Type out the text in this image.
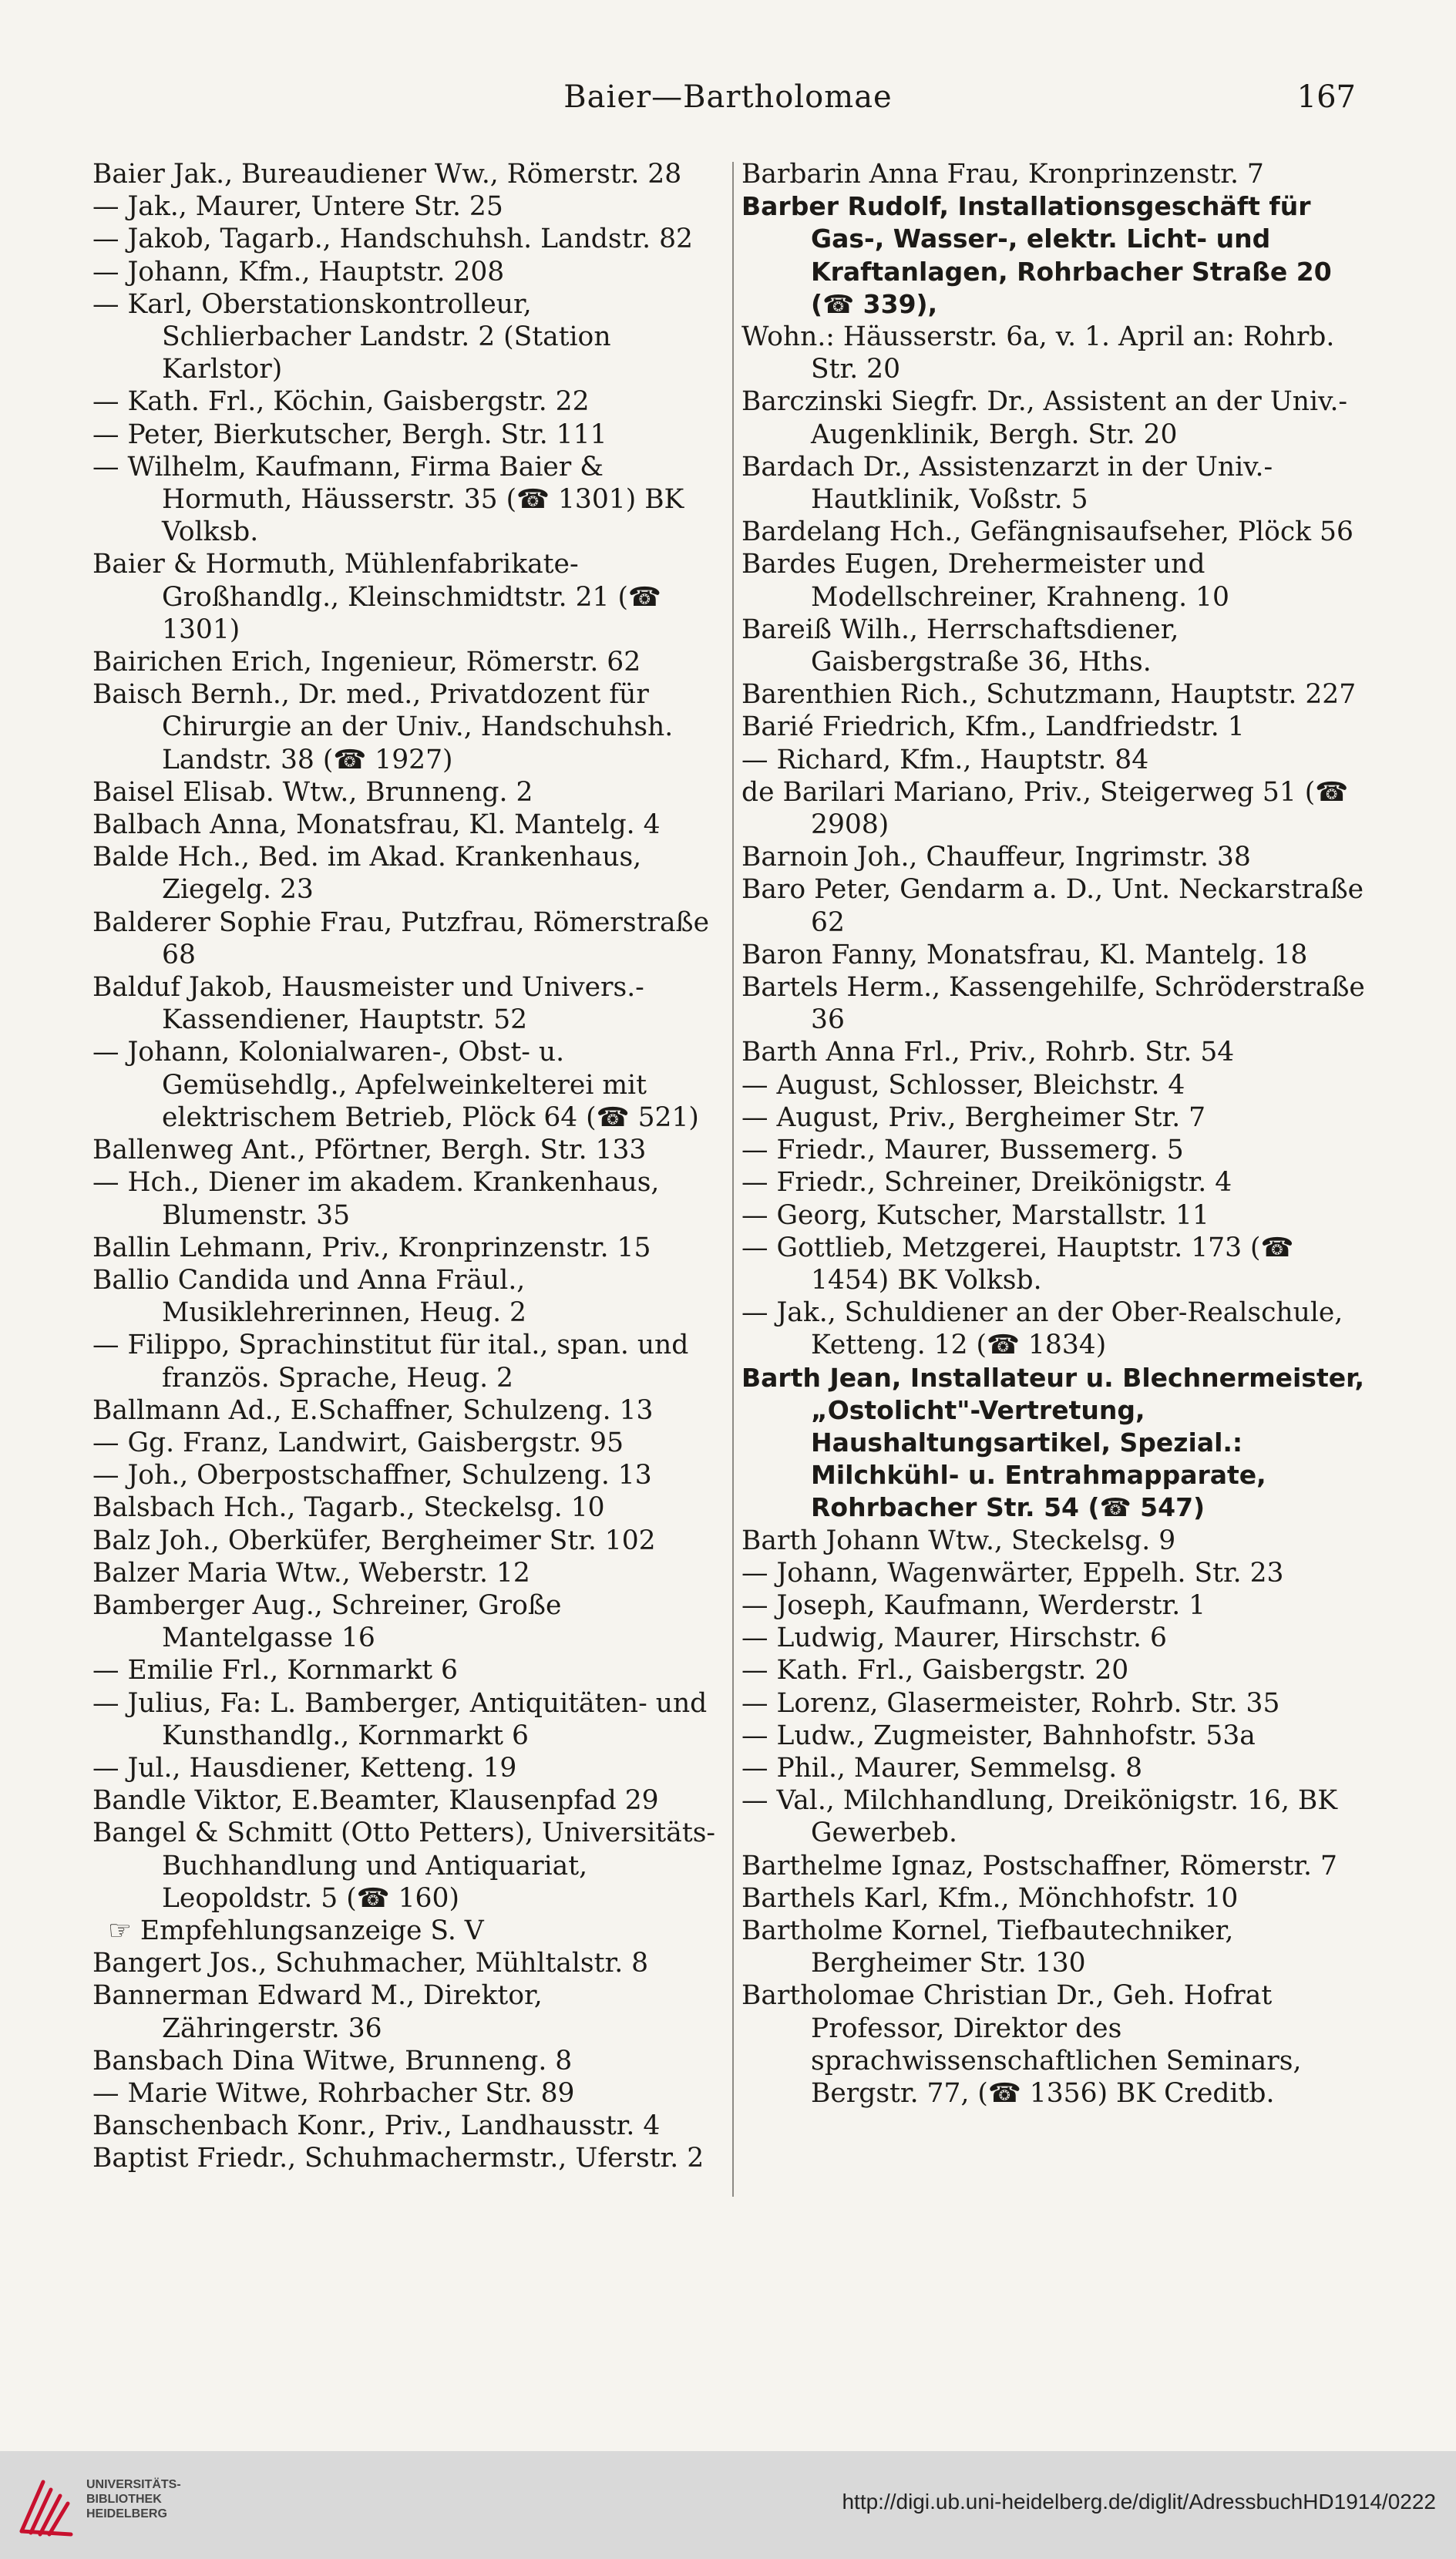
Baier—Bartholomae	167
Baier Jak., Bureaudiener Ww., Römerstr. 28
— Jak., Maurer, Untere Str. 25
— Jakob, Tagarb., Handschuhsh. Landstr. 82
— Johann, Kfm., Hauptstr. 208
— Karl, Oberstationskontrolleur, Schlierbacher Landstr. 2 (Station Karlstor)
— Kath. Frl., Köchin, Gaisbergstr. 22
— Peter, Bierkutscher, Bergh. Str. 111
— Wilhelm, Kaufmann, Firma Baier & Hormuth, Häusserstr. 35 (☎ 1301) BK Volksb.
Baier & Hormuth, Mühlenfabrikate-Großhandlg., Kleinschmidtstr. 21 (☎ 1301)
Bairichen Erich, Ingenieur, Römerstr. 62
Baisch Bernh., Dr. med., Privatdozent für Chirurgie an der Univ., Handschuhsh. Landstr. 38 (☎ 1927)
Baisel Elisab. Wtw., Brunneng. 2
Balbach Anna, Monatsfrau, Kl. Mantelg. 4
Balde Hch., Bed. im Akad. Krankenhaus, Ziegelg. 23
Balderer Sophie Frau, Putzfrau, Römerstraße 68
Balduf Jakob, Hausmeister und Univers.-Kassendiener, Hauptstr. 52
— Johann, Kolonialwaren-, Obst- u. Gemüsehdlg., Apfelweinkelterei mit elektrischem Betrieb, Plöck 64 (☎ 521)
Ballenweg Ant., Pförtner, Bergh. Str. 133
— Hch., Diener im akadem. Krankenhaus, Blumenstr. 35
Ballin Lehmann, Priv., Kronprinzenstr. 15
Ballio Candida und Anna Fräul., Musiklehrerinnen, Heug. 2
— Filippo, Sprachinstitut für ital., span. und französ. Sprache, Heug. 2
Ballmann Ad., E.Schaffner, Schulzeng. 13
— Gg. Franz, Landwirt, Gaisbergstr. 95
— Joh., Oberpostschaffner, Schulzeng. 13
Balsbach Hch., Tagarb., Steckelsg. 10
Balz Joh., Oberküfer, Bergheimer Str. 102
Balzer Maria Wtw., Weberstr. 12
Bamberger Aug., Schreiner, Große Mantelgasse 16
— Emilie Frl., Kornmarkt 6
— Julius, Fa: L. Bamberger, Antiquitäten- und Kunsthandlg., Kornmarkt 6
— Jul., Hausdiener, Ketteng. 19
Bandle Viktor, E.Beamter, Klausenpfad 29
Bangel & Schmitt (Otto Petters), Universitäts-Buchhandlung und Antiquariat, Leopoldstr. 5 (☎ 160)
☞ Empfehlungsanzeige S. V
Bangert Jos., Schuhmacher, Mühltalstr. 8
Bannerman Edward M., Direktor, Zähringerstr. 36
Bansbach Dina Witwe, Brunneng. 8
— Marie Witwe, Rohrbacher Str. 89
Banschenbach Konr., Priv., Landhausstr. 4
Baptist Friedr., Schuhmachermstr., Uferstr. 2
Barbarin Anna Frau, Kronprinzenstr. 7
Barber Rudolf, Installationsgeschäft für Gas-, Wasser-, elektr. Licht- und Kraftanlagen, Rohrbacher Straße 20 (☎ 339),
Wohn.: Häusserstr. 6a, v. 1. April an: Rohrb. Str. 20
Barczinski Siegfr. Dr., Assistent an der Univ.-Augenklinik, Bergh. Str. 20
Bardach Dr., Assistenzarzt in der Univ.-Hautklinik, Voßstr. 5
Bardelang Hch., Gefängnisaufseher, Plöck 56
Bardes Eugen, Drehermeister und Modellschreiner, Krahneng. 10
Bareiß Wilh., Herrschaftsdiener, Gaisbergstraße 36, Hths.
Barenthien Rich., Schutzmann, Hauptstr. 227
Barié Friedrich, Kfm., Landfriedstr. 1
— Richard, Kfm., Hauptstr. 84
de Barilari Mariano, Priv., Steigerweg 51 (☎ 2908)
Barnoin Joh., Chauffeur, Ingrimstr. 38
Baro Peter, Gendarm a. D., Unt. Neckarstraße 62
Baron Fanny, Monatsfrau, Kl. Mantelg. 18
Bartels Herm., Kassengehilfe, Schröderstraße 36
Barth Anna Frl., Priv., Rohrb. Str. 54
— August, Schlosser, Bleichstr. 4
— August, Priv., Bergheimer Str. 7
— Friedr., Maurer, Bussemerg. 5
— Friedr., Schreiner, Dreikönigstr. 4
— Georg, Kutscher, Marstallstr. 11
— Gottlieb, Metzgerei, Hauptstr. 173 (☎ 1454) BK Volksb.
— Jak., Schuldiener an der Ober-Realschule, Ketteng. 12 (☎ 1834)
Barth Jean, Installateur u. Blechnermeister, „Ostolicht"-Vertretung, Haushaltungsartikel, Spezial.: Milchkühl- u. Entrahmapparate, Rohrbacher Str. 54 (☎ 547)
Barth Johann Wtw., Steckelsg. 9
— Johann, Wagenwärter, Eppelh. Str. 23
— Joseph, Kaufmann, Werderstr. 1
— Ludwig, Maurer, Hirschstr. 6
— Kath. Frl., Gaisbergstr. 20
— Lorenz, Glasermeister, Rohrb. Str. 35
— Ludw., Zugmeister, Bahnhofstr. 53a
— Phil., Maurer, Semmelsg. 8
— Val., Milchhandlung, Dreikönigstr. 16, BK Gewerbeb.
Barthelme Ignaz, Postschaffner, Römerstr. 7
Barthels Karl, Kfm., Mönchhofstr. 10
Bartholme Kornel, Tiefbautechniker, Bergheimer Str. 130
Bartholomae Christian Dr., Geh. Hofrat Professor, Direktor des sprachwissenschaftlichen Seminars, Bergstr. 77, (☎ 1356) BK Creditb.
UNIVERSITÄTS-
BIBLIOTHEK
HEIDELBERG
http://digi.ub.uni-heidelberg.de/diglit/AdressbuchHD1914/0222
